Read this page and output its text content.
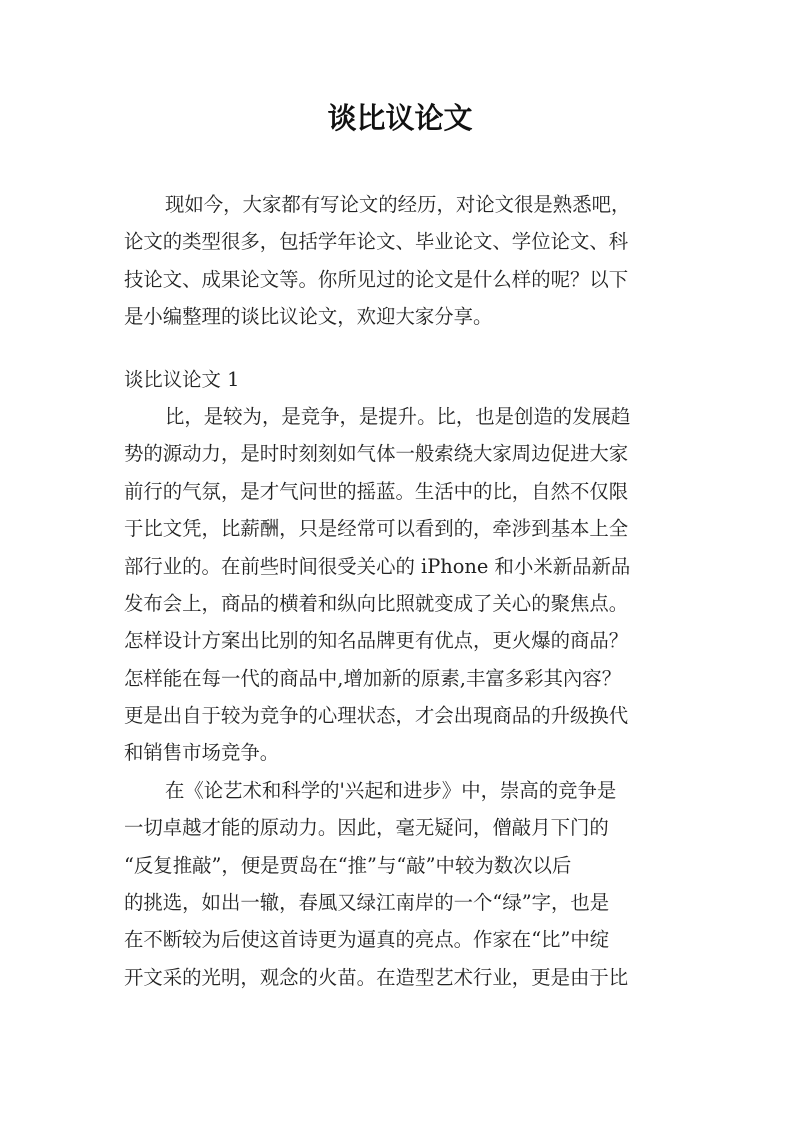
谈比议论文
现如今，大家都有写论文的经历，对论文很是熟悉吧，
论文的类型很多，包括学年论文、毕业论文、学位论文、科
技论文、成果论文等。你所见过的论文是什么样的呢？以下
是小编整理的谈比议论文，欢迎大家分享。
谈比议论文 1
比，是较为，是竞争，是提升。比，也是创造的发展趋
势的源动力，是时时刻刻如气体一般索绕大家周边促进大家
前行的气氛，是才气问世的摇蓝。生活中的比，自然不仅限
于比文凭，比薪酬，只是经常可以看到的，牵涉到基本上全
部行业的。在前些时间很受关心的 iPhone 和小米新品新品
发布会上，商品的横着和纵向比照就变成了关心的聚焦点。
怎样设计方案出比别的知名品牌更有优点，更火爆的商品？
怎样能在每一代的商品中,增加新的原素,丰富多彩其內容？
更是出自于较为竞争的心理状态，才会出現商品的升级换代
和销售市场竞争。
在《论艺术和科学的'兴起和进步》中，崇高的竞争是
一切卓越才能的原动力。因此，毫无疑问，僧敲月下门的
“反复推敲”，便是贾岛在“推”与“敲”中较为数次以后
的挑选，如出一辙，春風又绿江南岸的一个“绿”字，也是
在不断较为后使这首诗更为逼真的亮点。作家在“比”中绽
开文采的光明，观念的火苗。在造型艺术行业，更是由于比
